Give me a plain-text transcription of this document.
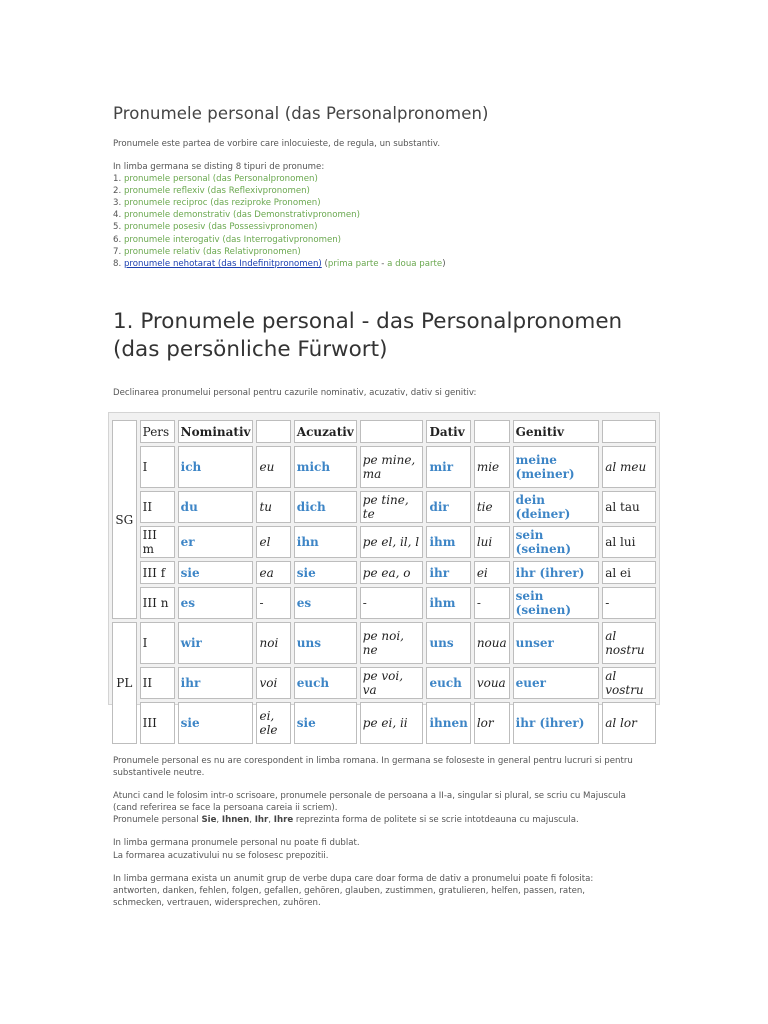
Pronumele personal (das Personalpronomen)
Pronumele este partea de vorbire care inlocuieste, de regula, un substantiv.
In limba germana se disting 8 tipuri de pronume:
1. pronumele personal (das Personalpronomen)
2. pronumele reflexiv (das Reflexivpronomen)
3. pronumele reciproc (das reziproke Pronomen)
4. pronumele demonstrativ (das Demonstrativpronomen)
5. pronumele posesiv (das Possessivpronomen)
6. pronumele interogativ (das Interrogativpronomen)
7. pronumele relativ (das Relativpronomen)
8. pronumele nehotarat (das Indefinitpronomen) (prima parte - a doua parte)
1. Pronumele personal - das Personalpronomen (das persönliche Fürwort)
Declinarea pronumelui personal pentru cazurile nominativ, acuzativ, dativ si genitiv:
SG	Pers	Nominativ		Acuzativ		Dativ		Genitiv	
	I	ich	eu	mich	pe mine, ma	mir	mie	meine (meiner)	al meu
	II	du	tu	dich	pe tine, te	dir	tie	dein (deiner)	al tau
	III m	er	el	ihn	pe el, il, l	ihm	lui	sein (seinen)	al lui
	III f	sie	ea	sie	pe ea, o	ihr	ei	ihr (ihrer)	al ei
	III n	es	-	es	-	ihm	-	sein (seinen)	-
PL	I	wir	noi	uns	pe noi, ne	uns	noua	unser	al nostru
	II	ihr	voi	euch	pe voi, va	euch	voua	euer	al vostru
	III	sie	ei, ele	sie	pe ei, ii	ihnen	lor	ihr (ihrer)	al lor

Pronumele personal es nu are corespondent in limba romana. In germana se foloseste in general pentru lucruri si pentru substantivele neutre.

Atunci cand le folosim intr-o scrisoare, pronumele personale de persoana a II-a, singular si plural, se scriu cu Majuscula (cand referirea se face la persoana careia ii scriem).
Pronumele personal Sie, Ihnen, Ihr, Ihre reprezinta forma de politete si se scrie intotdeauna cu majuscula.

In limba germana pronumele personal nu poate fi dublat.
La formarea acuzativului nu se folosesc prepozitii.

In limba germana exista un anumit grup de verbe dupa care doar forma de dativ a pronumelui poate fi folosita: antworten, danken, fehlen, folgen, gefallen, gehören, glauben, zustimmen, gratulieren, helfen, passen, raten, schmecken, vertrauen, widersprechen, zuhören.
